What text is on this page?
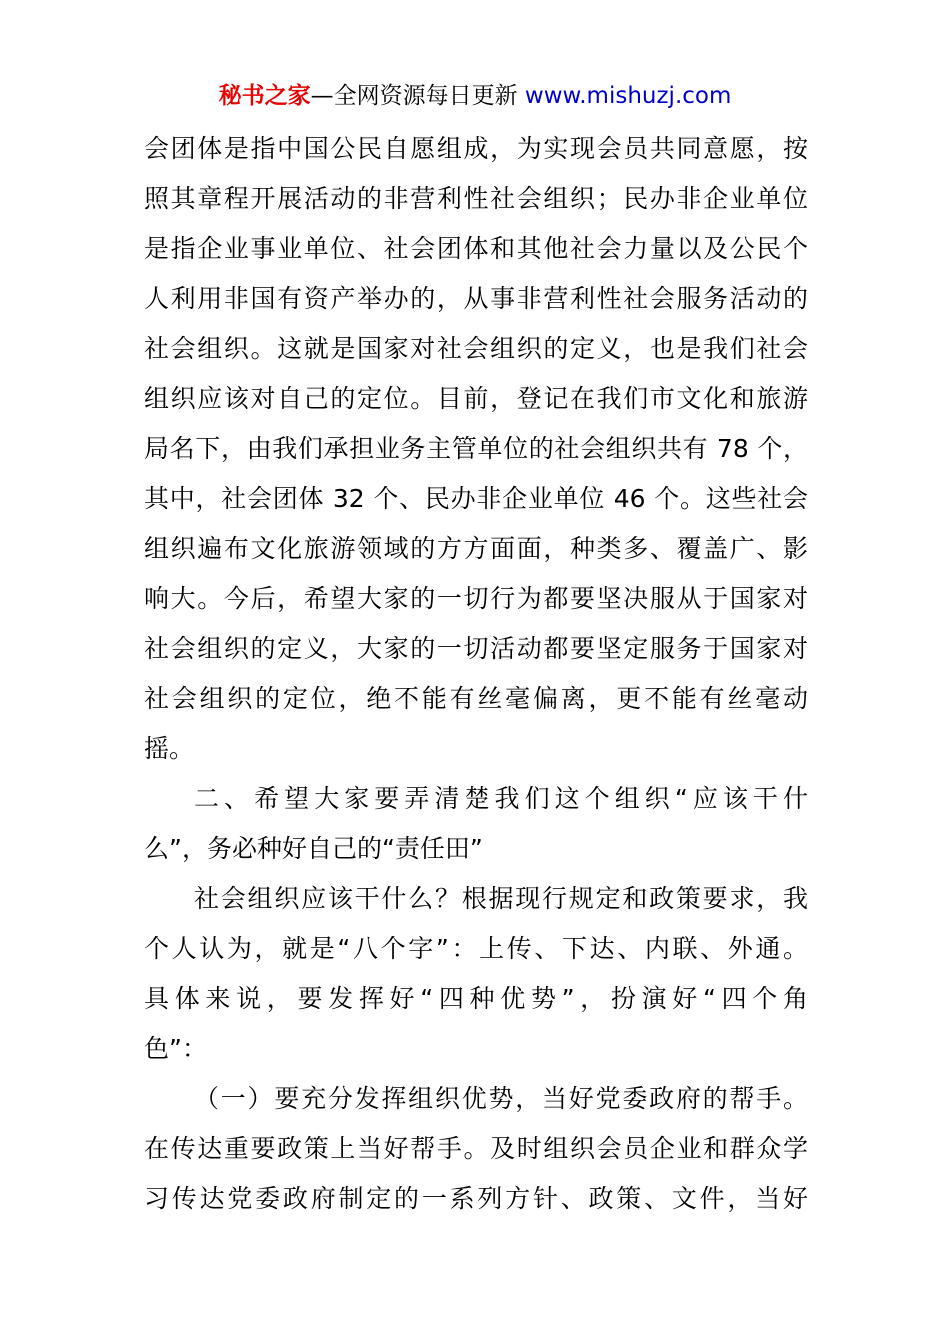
秘书之家—全网资源每日更新 www.mishuzj.com
会团体是指中国公民自愿组成，为实现会员共同意愿，按
照其章程开展活动的非营利性社会组织；民办非企业单位
是指企业事业单位、社会团体和其他社会力量以及公民个
人利用非国有资产举办的，从事非营利性社会服务活动的
社会组织。这就是国家对社会组织的定义，也是我们社会
组织应该对自己的定位。目前，登记在我们市文化和旅游
局名下，由我们承担业务主管单位的社会组织共有 78 个，
其中，社会团体 32 个、民办非企业单位 46 个。这些社会
组织遍布文化旅游领域的方方面面，种类多、覆盖广、影
响大。今后，希望大家的一切行为都要坚决服从于国家对
社会组织的定义，大家的一切活动都要坚定服务于国家对
社会组织的定位，绝不能有丝毫偏离，更不能有丝毫动
摇。
二、希望大家要弄清楚我们这个组织“应该干什
么”，务必种好自己的“责任田”
社会组织应该干什么？根据现行规定和政策要求，我
个人认为，就是“八个字”：上传、下达、内联、外通。
具体来说，要发挥好“四种优势”，扮演好“四个角
色”：
（一）要充分发挥组织优势，当好党委政府的帮手。
在传达重要政策上当好帮手。及时组织会员企业和群众学
习传达党委政府制定的一系列方针、政策、文件，当好
